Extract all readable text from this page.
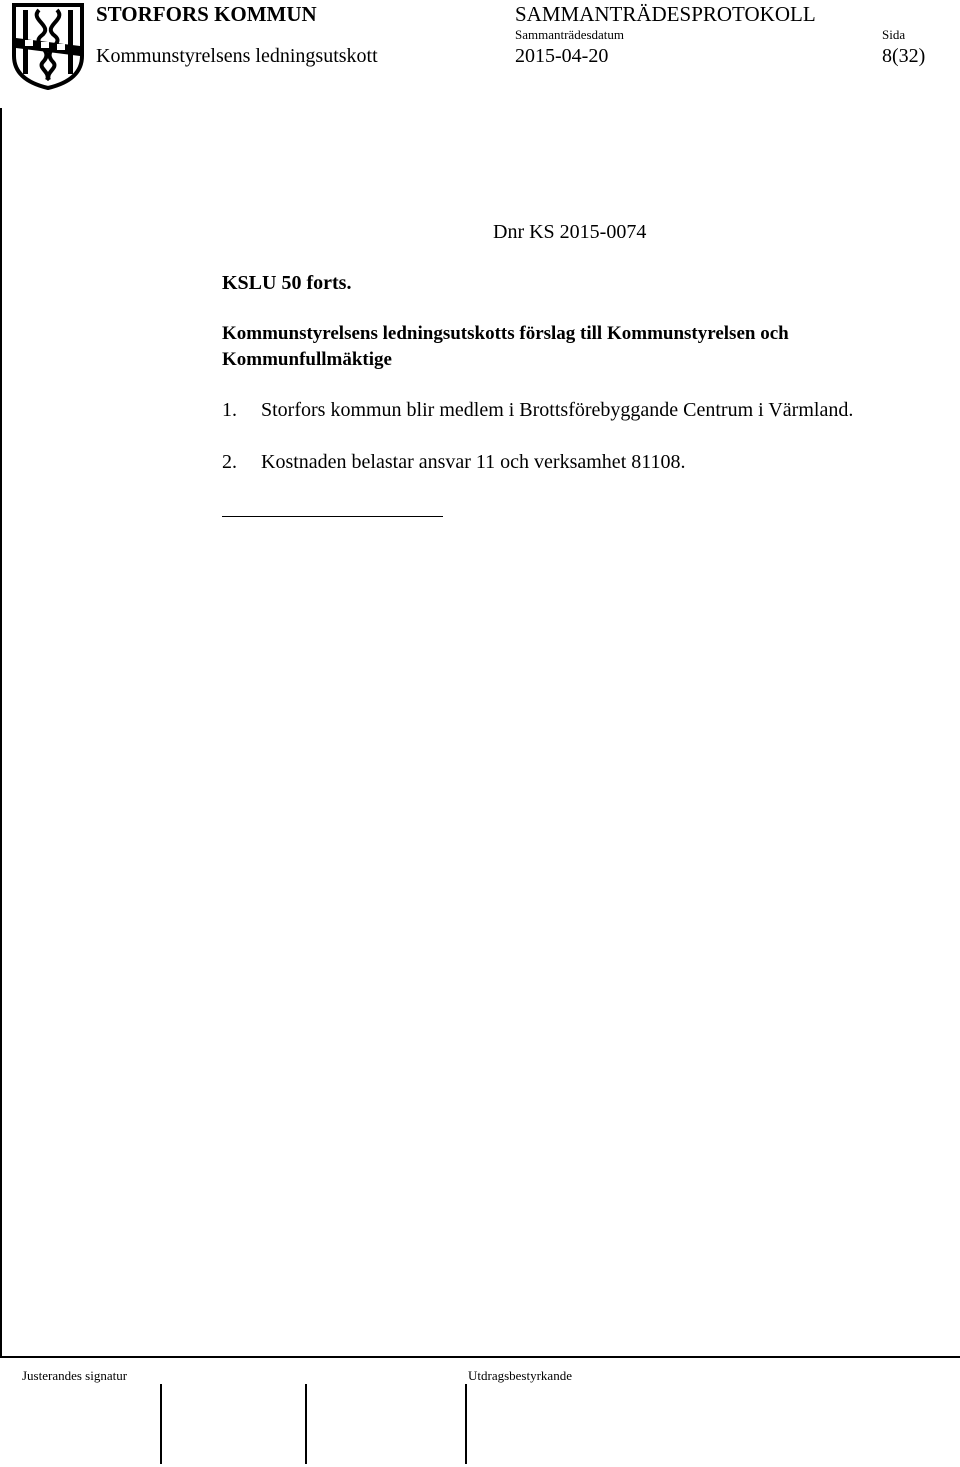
STORFORS KOMMUN	SAMMANTRÄDESPROTOKOLL
Sammanträdesdatum	Sida
Kommunstyrelsens ledningsutskott	2015-04-20	8(32)
Dnr KS 2015-0074
KSLU 50 forts.
Kommunstyrelsens ledningsutskotts förslag till Kommunstyrelsen och Kommunfullmäktige
1. Storfors kommun blir medlem i Brottsförebyggande Centrum i Värmland.
2. Kostnaden belastar ansvar 11 och verksamhet 81108.
Justerandes signatur	Utdragsbestyrkande
